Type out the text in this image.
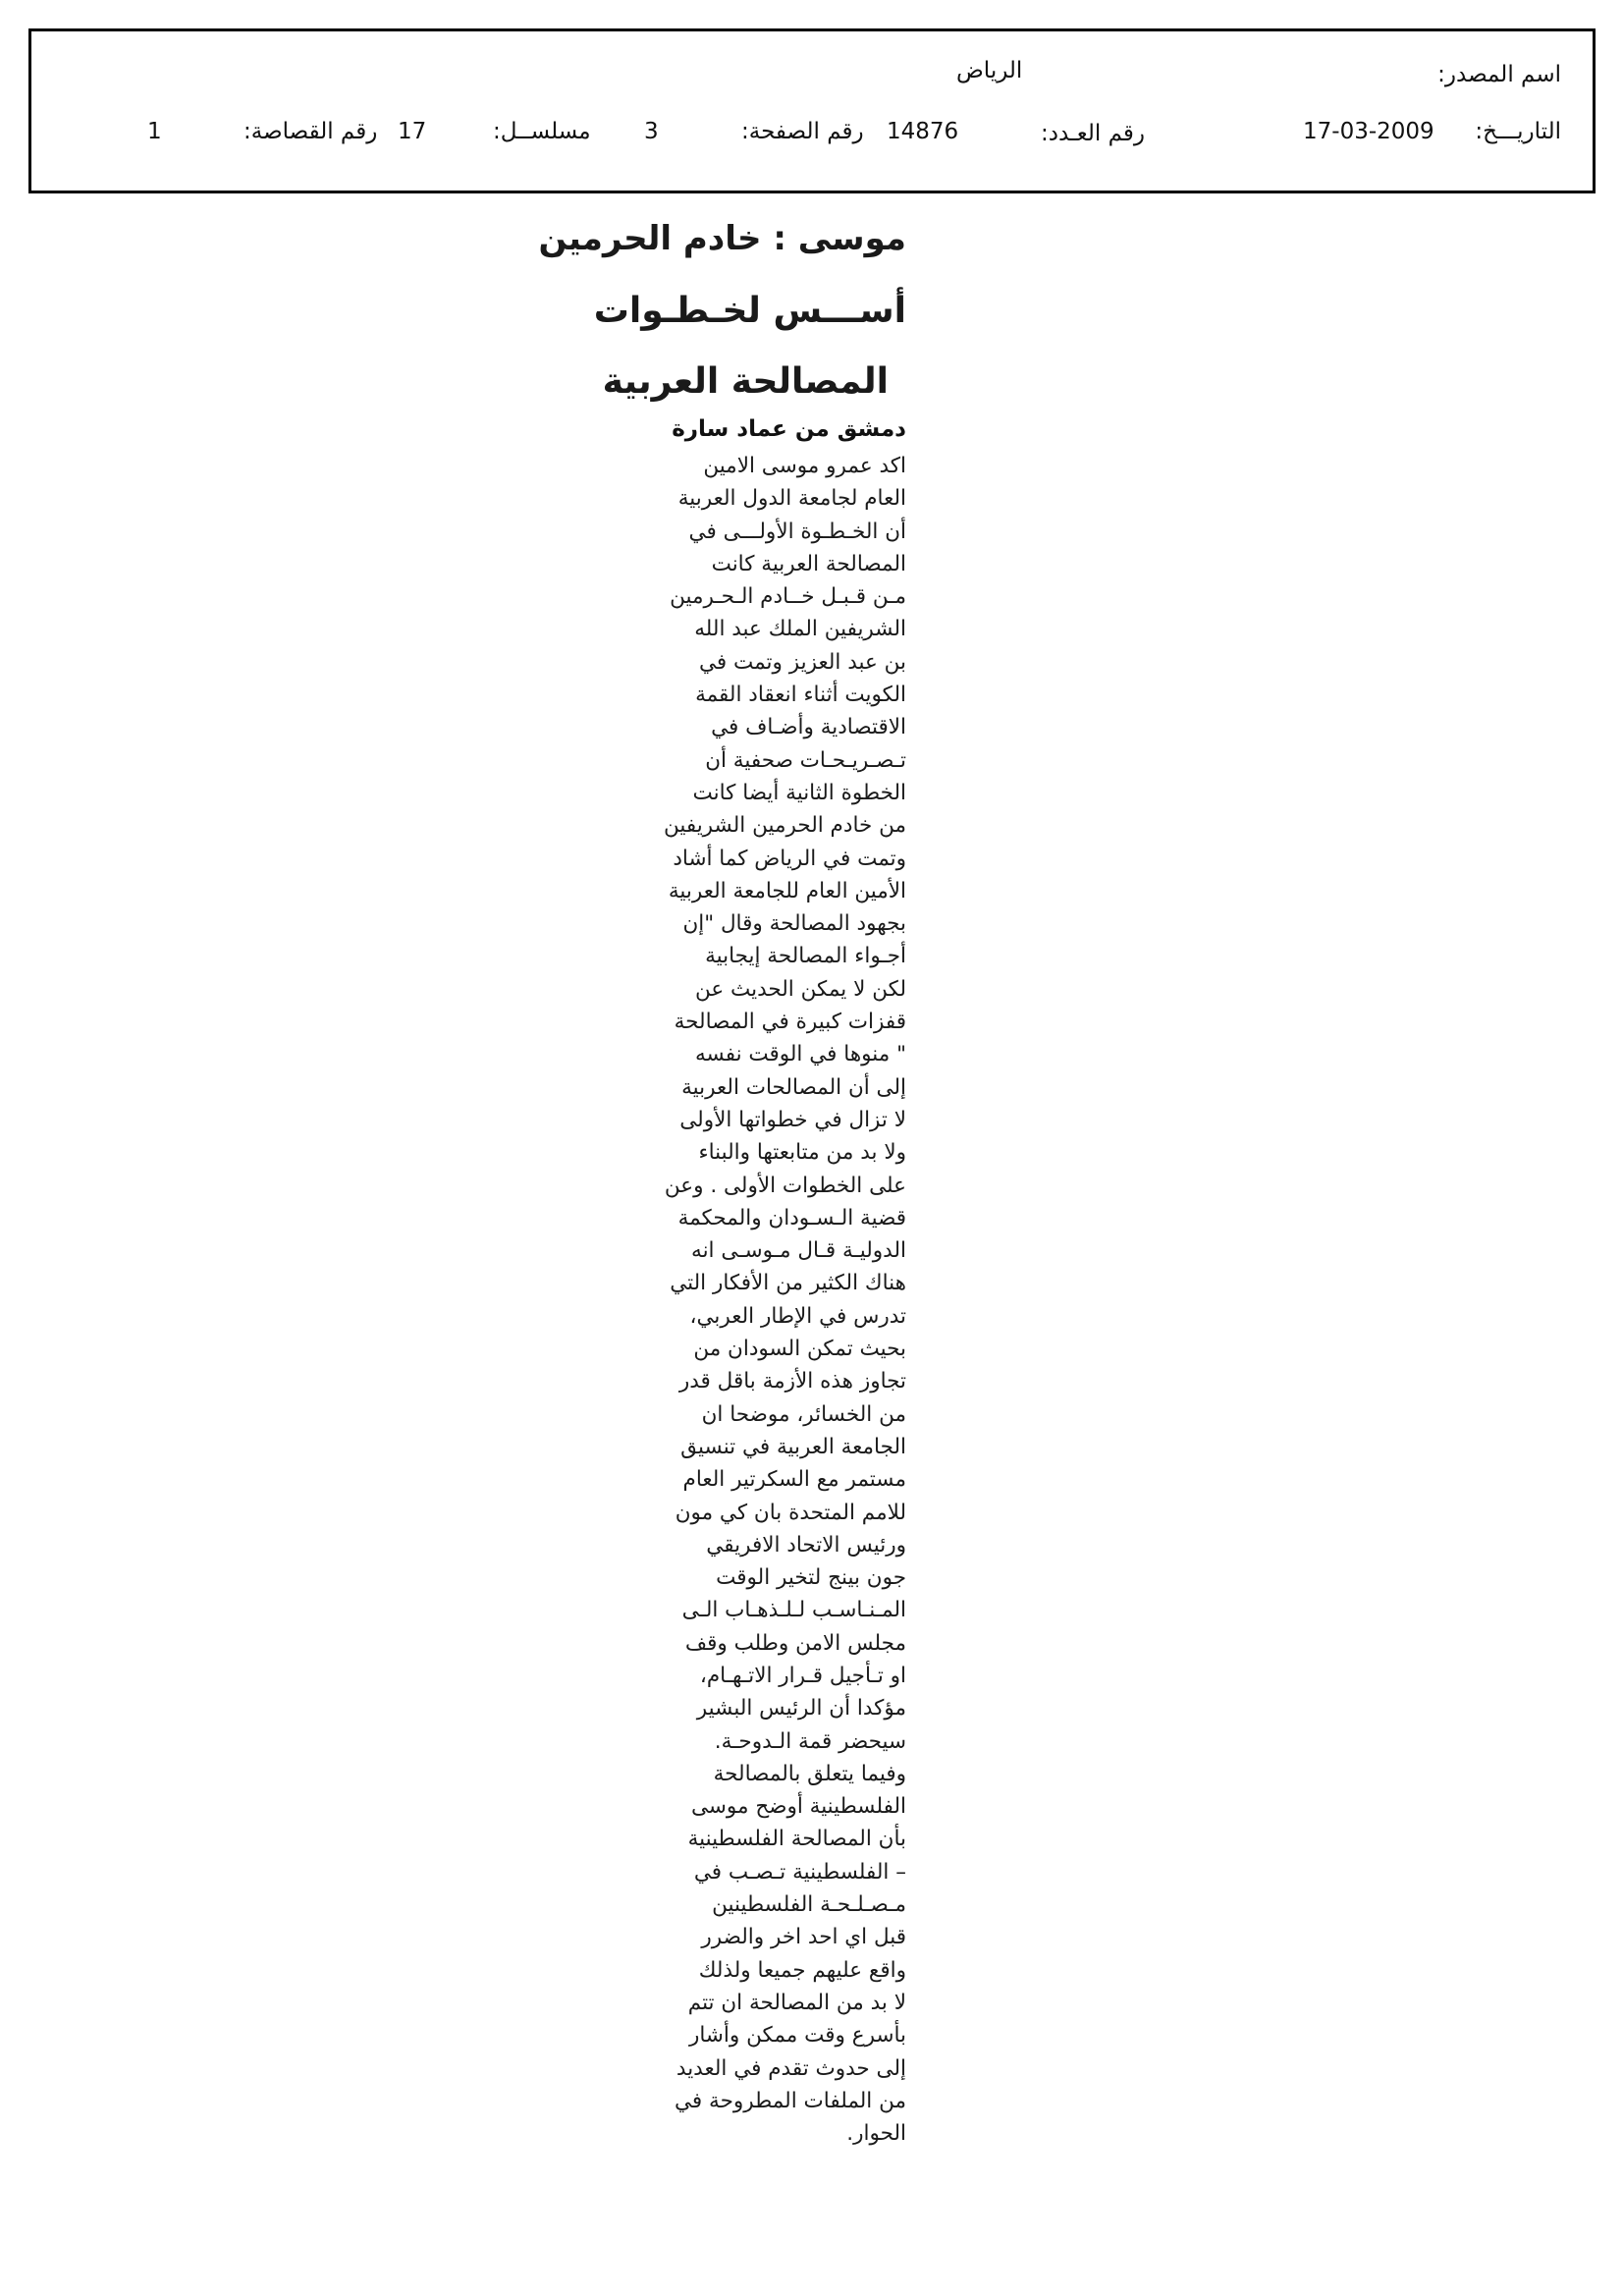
اسم المصدر:
الرياض
التاريـــخ:
17-03-2009
رقم العـدد:
14876
رقم الصفحة:
3
مسلســل:
17
رقم القصاصة:
1
موسى : خادم الحرمين
أســـس لخـطـوات
المصالحة العربية
دمشق من عماد سارة
اكد عمرو موسى الامين
العام لجامعة الدول العربية
أن الخـطـوة الأولـــى في
المصالحة العربية كانت
مـن قـبـل خــادم الـحـرمين
الشريفين الملك عبد الله
بن عبد العزيز وتمت في
الكويت أثناء انعقاد القمة
الاقتصادية وأضـاف في
تـصـريـحـات صحفية أن
الخطوة الثانية أيضا كانت
من خادم الحرمين الشريفين
وتمت في الرياض كما أشاد
الأمين العام للجامعة العربية
بجهود المصالحة وقال "إن
أجـواء المصالحة إيجابية
لكن لا يمكن الحديث عن
قفزات كبيرة في المصالحة
" منوها في الوقت نفسه
إلى أن المصالحات العربية
لا تزال في خطواتها الأولى
ولا بد من متابعتها والبناء
على الخطوات الأولى . وعن
قضية الـسـودان والمحكمة
الدوليـة قـال مـوسـى انه
هناك الكثير من الأفكار التي
تدرس في الإطار العربي،
بحيث تمكن السودان من
تجاوز هذه الأزمة باقل قدر
من الخسائر، موضحا ان
الجامعة العربية في تنسيق
مستمر مع السكرتير العام
للامم المتحدة بان كي مون
ورئيس الاتحاد الافريقي
جون بينج لتخير الوقت
المـنـاسـب لـلـذهـاب الـى
مجلس الامن وطلب وقف
او تـأجيل قـرار الاتـهـام،
مؤكدا أن الرئيس البشير
سيحضر قمة الـدوحـة.
وفيما يتعلق بالمصالحة
الفلسطينية أوضح موسى
بأن المصالحة الفلسطينية
– الفلسطينية تـصـب في
مـصـلـحـة الفلسطينين
قبل اي احد اخر والضرر
واقع عليهم جميعا ولذلك
لا بد من المصالحة ان تتم
بأسرع وقت ممكن وأشار
إلى حدوث تقدم في العديد
من الملفات المطروحة في
الحوار.
